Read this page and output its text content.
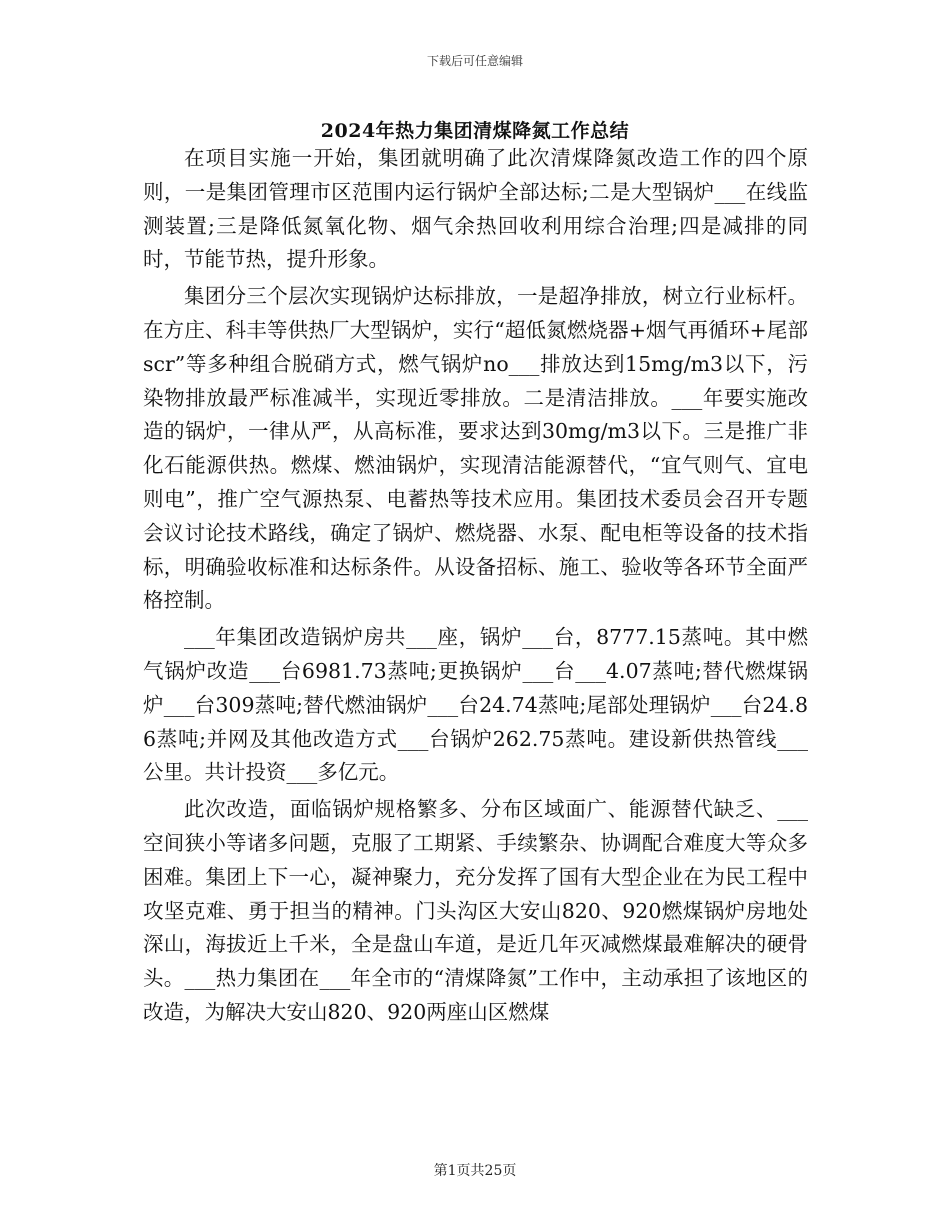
下载后可任意编辑
2024年热力集团清煤降氮工作总结

在项目实施一开始，集团就明确了此次清煤降氮改造工作的四个原则，一是集团管理市区范围内运行锅炉全部达标;二是大型锅炉___在线监测装置;三是降低氮氧化物、烟气余热回收利用综合治理;四是减排的同时，节能节热，提升形象。

集团分三个层次实现锅炉达标排放，一是超净排放，树立行业标杆。在方庄、科丰等供热厂大型锅炉，实行“超低氮燃烧器+烟气再循环+尾部scr”等多种组合脱硝方式，燃气锅炉no___排放达到15mg/m3以下，污染物排放最严标准减半，实现近零排放。二是清洁排放。___年要实施改造的锅炉，一律从严，从高标准，要求达到30mg/m3以下。三是推广非化石能源供热。燃煤、燃油锅炉，实现清洁能源替代，“宜气则气、宜电则电”，推广空气源热泵、电蓄热等技术应用。集团技术委员会召开专题会议讨论技术路线，确定了锅炉、燃烧器、水泵、配电柜等设备的技术指标，明确验收标准和达标条件。从设备招标、施工、验收等各环节全面严格控制。

___年集团改造锅炉房共___座，锅炉___台，8777.15蒸吨。其中燃气锅炉改造___台6981.73蒸吨;更换锅炉___台___4.07蒸吨;替代燃煤锅炉___台309蒸吨;替代燃油锅炉___台24.74蒸吨;尾部处理锅炉___台24.86蒸吨;并网及其他改造方式___台锅炉262.75蒸吨。建设新供热管线___公里。共计投资___多亿元。

此次改造，面临锅炉规格繁多、分布区域面广、能源替代缺乏、___空间狭小等诸多问题，克服了工期紧、手续繁杂、协调配合难度大等众多困难。集团上下一心，凝神聚力，充分发挥了国有大型企业在为民工程中攻坚克难、勇于担当的精神。门头沟区大安山820、920燃煤锅炉房地处深山，海拔近上千米，全是盘山车道，是近几年灭减燃煤最难解决的硬骨头。___热力集团在___年全市的“清煤降氮”工作中，主动承担了该地区的改造，为解决大安山820、920两座山区燃煤

第1页共25页
